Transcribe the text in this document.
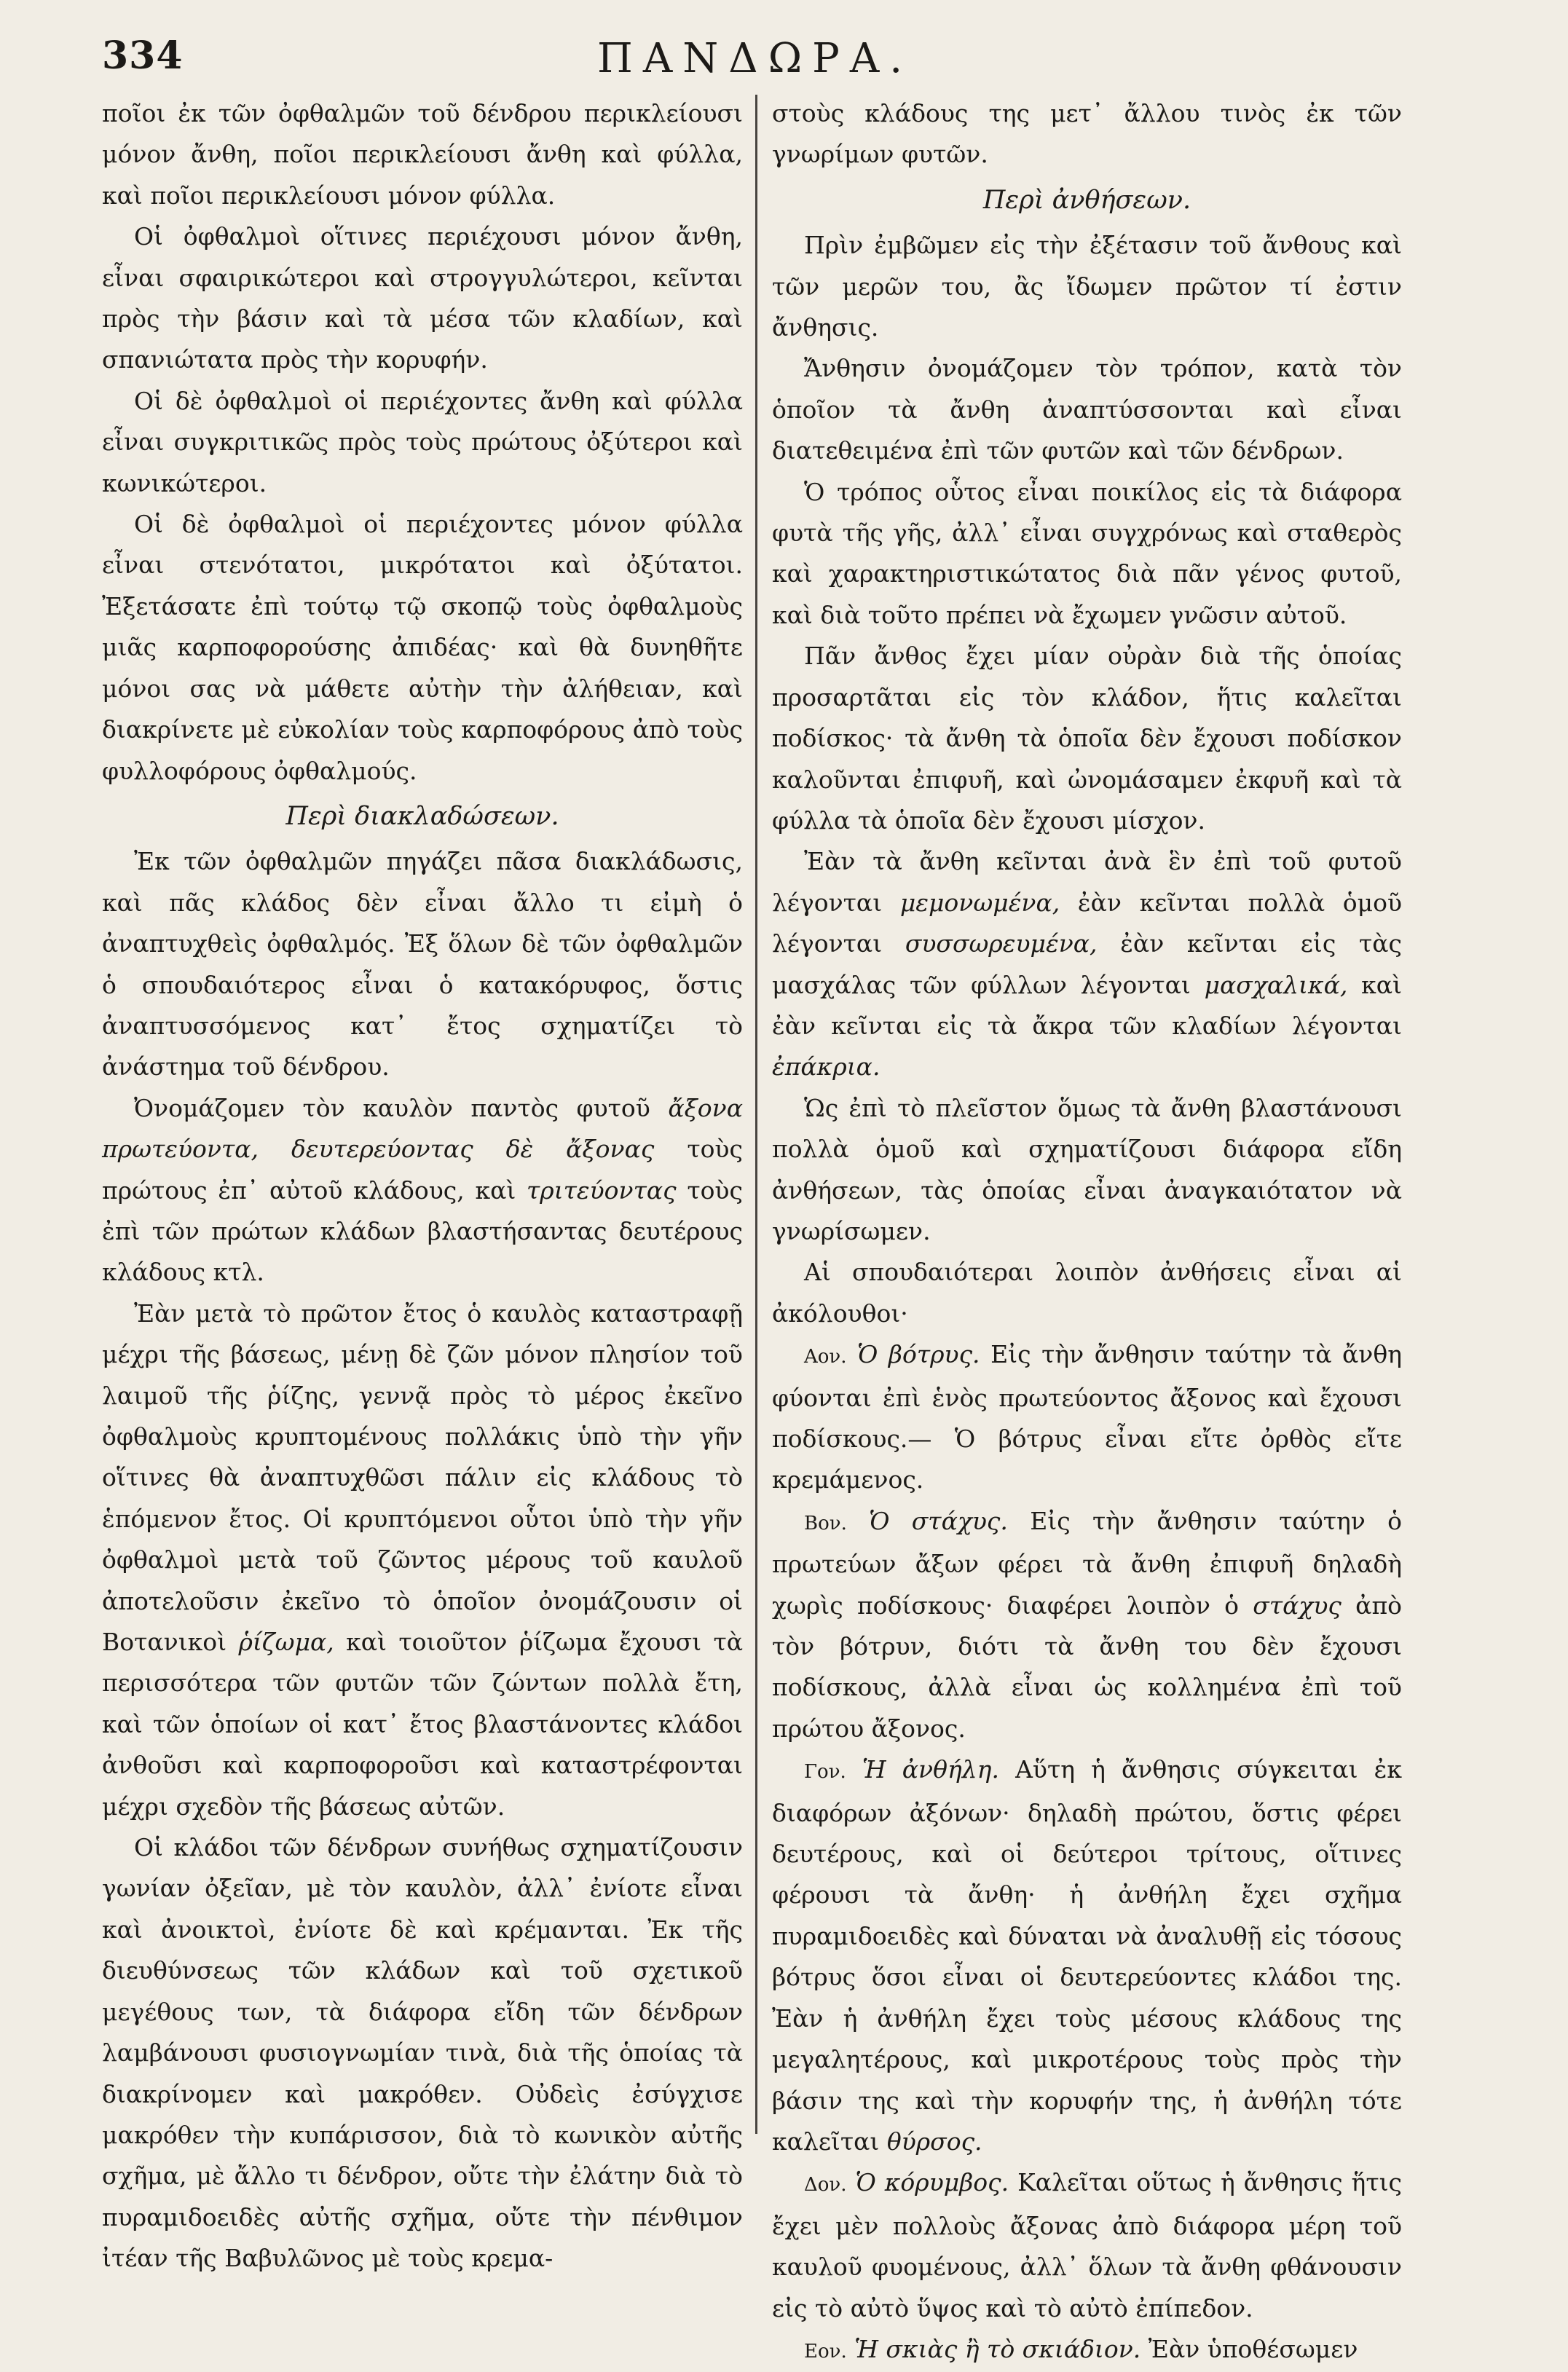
334	ΠΑΝΔΩΡΑ.

ποῖοι ἐκ τῶν ὀφθαλμῶν τοῦ δένδρου περικλείουσι μόνον ἄνθη, ποῖοι περικλείουσι ἄνθη καὶ φύλλα, καὶ ποῖοι περικλείουσι μόνον φύλλα.

Οἱ ὀφθαλμοὶ οἵτινες περιέχουσι μόνον ἄνθη, εἶναι σφαιρικώτεροι καὶ στρογγυλώτεροι, κεῖνται πρὸς τὴν βάσιν καὶ τὰ μέσα τῶν κλαδίων, καὶ σπανιώτατα πρὸς τὴν κορυφήν.

Οἱ δὲ ὀφθαλμοὶ οἱ περιέχοντες ἄνθη καὶ φύλλα εἶναι συγκριτικῶς πρὸς τοὺς πρώτους ὀξύτεροι καὶ κωνικώτεροι.

Οἱ δὲ ὀφθαλμοὶ οἱ περιέχοντες μόνον φύλλα εἶναι στενότατοι, μικρότατοι καὶ ὀξύτατοι. Ἐξετάσατε ἐπὶ τούτῳ τῷ σκοπῷ τοὺς ὀφθαλμοὺς μιᾶς καρποφορούσης ἀπιδέας· καὶ θὰ δυνηθῆτε μόνοι σας νὰ μάθετε αὐτὴν τὴν ἀλήθειαν, καὶ διακρίνετε μὲ εὐκολίαν τοὺς καρποφόρους ἀπὸ τοὺς φυλλοφόρους ὀφθαλμούς.

Περὶ διακλαδώσεων.

Ἐκ τῶν ὀφθαλμῶν πηγάζει πᾶσα διακλάδωσις, καὶ πᾶς κλάδος δὲν εἶναι ἄλλο τι εἰμὴ ὁ ἀναπτυχθεὶς ὀφθαλμός. Ἐξ ὅλων δὲ τῶν ὀφθαλμῶν ὁ σπουδαιότερος εἶναι ὁ κατακόρυφος, ὅστις ἀναπτυσσόμενος κατ᾽ ἔτος σχηματίζει τὸ ἀνάστημα τοῦ δένδρου.

Ὀνομάζομεν τὸν καυλὸν παντὸς φυτοῦ ἄξονα πρωτεύοντα, δευτερεύοντας δὲ ἄξονας τοὺς πρώτους ἐπ᾽ αὐτοῦ κλάδους, καὶ τριτεύοντας τοὺς ἐπὶ τῶν πρώτων κλάδων βλαστήσαντας δευτέρους κλάδους κτλ.

Ἐὰν μετὰ τὸ πρῶτον ἔτος ὁ καυλὸς καταστραφῇ μέχρι τῆς βάσεως, μένῃ δὲ ζῶν μόνον πλησίον τοῦ λαιμοῦ τῆς ῥίζης, γεννᾷ πρὸς τὸ μέρος ἐκεῖνο ὀφθαλμοὺς κρυπτομένους πολλάκις ὑπὸ τὴν γῆν οἵτινες θὰ ἀναπτυχθῶσι πάλιν εἰς κλάδους τὸ ἑπόμενον ἔτος. Οἱ κρυπτόμενοι οὗτοι ὑπὸ τὴν γῆν ὀφθαλμοὶ μετὰ τοῦ ζῶντος μέρους τοῦ καυλοῦ ἀποτελοῦσιν ἐκεῖνο τὸ ὁποῖον ὀνομάζουσιν οἱ Βοτανικοὶ ῥίζωμα, καὶ τοιοῦτον ῥίζωμα ἔχουσι τὰ περισσότερα τῶν φυτῶν τῶν ζώντων πολλὰ ἔτη, καὶ τῶν ὁποίων οἱ κατ᾽ ἔτος βλαστάνοντες κλάδοι ἀνθοῦσι καὶ καρποφοροῦσι καὶ καταστρέφονται μέχρι σχεδὸν τῆς βάσεως αὐτῶν.

Οἱ κλάδοι τῶν δένδρων συνήθως σχηματίζουσιν γωνίαν ὀξεῖαν, μὲ τὸν καυλὸν, ἀλλ᾽ ἐνίοτε εἶναι καὶ ἀνοικτοὶ, ἐνίοτε δὲ καὶ κρέμανται. Ἐκ τῆς διευθύνσεως τῶν κλάδων καὶ τοῦ σχετικοῦ μεγέθους των, τὰ διάφορα εἴδη τῶν δένδρων λαμβάνουσι φυσιογνωμίαν τινὰ, διὰ τῆς ὁποίας τὰ διακρίνομεν καὶ μακρόθεν. Οὐδεὶς ἐσύγχισε μακρόθεν τὴν κυπάρισσον, διὰ τὸ κωνικὸν αὐτῆς σχῆμα, μὲ ἄλλο τι δένδρον, οὔτε τὴν ἐλάτην διὰ τὸ πυραμιδοειδὲς αὐτῆς σχῆμα, οὔτε τὴν πένθιμον ἰτέαν τῆς Βαβυλῶνος μὲ τοὺς κρεμα-

στοὺς κλάδους της μετ᾽ ἄλλου τινὸς ἐκ τῶν γνωρίμων φυτῶν.

Περὶ ἀνθήσεων.

Πρὶν ἐμβῶμεν εἰς τὴν ἐξέτασιν τοῦ ἄνθους καὶ τῶν μερῶν του, ἂς ἴδωμεν πρῶτον τί ἐστιν ἄνθησις.

Ἄνθησιν ὀνομάζομεν τὸν τρόπον, κατὰ τὸν ὁποῖον τὰ ἄνθη ἀναπτύσσονται καὶ εἶναι διατεθειμένα ἐπὶ τῶν φυτῶν καὶ τῶν δένδρων.

Ὁ τρόπος οὗτος εἶναι ποικίλος εἰς τὰ διάφορα φυτὰ τῆς γῆς, ἀλλ᾽ εἶναι συγχρόνως καὶ σταθερὸς καὶ χαρακτηριστικώτατος διὰ πᾶν γένος φυτοῦ, καὶ διὰ τοῦτο πρέπει νὰ ἔχωμεν γνῶσιν αὐτοῦ.

Πᾶν ἄνθος ἔχει μίαν οὐρὰν διὰ τῆς ὁποίας προσαρτᾶται εἰς τὸν κλάδον, ἥτις καλεῖται ποδίσκος· τὰ ἄνθη τὰ ὁποῖα δὲν ἔχουσι ποδίσκον καλοῦνται ἐπιφυῆ, καὶ ὠνομάσαμεν ἐκφυῆ καὶ τὰ φύλλα τὰ ὁποῖα δὲν ἔχουσι μίσχον.

Ἐὰν τὰ ἄνθη κεῖνται ἀνὰ ἓν ἐπὶ τοῦ φυτοῦ λέγονται μεμονωμένα, ἐὰν κεῖνται πολλὰ ὁμοῦ λέγονται συσσωρευμένα, ἐὰν κεῖνται εἰς τὰς μασχάλας τῶν φύλλων λέγονται μασχαλικά, καὶ ἐὰν κεῖνται εἰς τὰ ἄκρα τῶν κλαδίων λέγονται ἐπάκρια.

Ὡς ἐπὶ τὸ πλεῖστον ὅμως τὰ ἄνθη βλαστάνουσι πολλὰ ὁμοῦ καὶ σχηματίζουσι διάφορα εἴδη ἀνθήσεων, τὰς ὁποίας εἶναι ἀναγκαιότατον νὰ γνωρίσωμεν.

Αἱ σπουδαιότεραι λοιπὸν ἀνθήσεις εἶναι αἱ ἀκόλουθοι·

Αον. Ὁ βότρυς. Εἰς τὴν ἄνθησιν ταύτην τὰ ἄνθη φύονται ἐπὶ ἑνὸς πρωτεύοντος ἄξονος καὶ ἔχουσι ποδίσκους.— Ὁ βότρυς εἶναι εἴτε ὀρθὸς εἴτε κρεμάμενος.

Βον. Ὁ στάχυς. Εἰς τὴν ἄνθησιν ταύτην ὁ πρωτεύων ἄξων φέρει τὰ ἄνθη ἐπιφυῆ δηλαδὴ χωρὶς ποδίσκους· διαφέρει λοιπὸν ὁ στάχυς ἀπὸ τὸν βότρυν, διότι τὰ ἄνθη του δὲν ἔχουσι ποδίσκους, ἀλλὰ εἶναι ὡς κολλημένα ἐπὶ τοῦ πρώτου ἄξονος.

Γον. Ἡ ἀνθήλη. Αὕτη ἡ ἄνθησις σύγκειται ἐκ διαφόρων ἀξόνων· δηλαδὴ πρώτου, ὅστις φέρει δευτέρους, καὶ οἱ δεύτεροι τρίτους, οἵτινες φέρουσι τὰ ἄνθη· ἡ ἀνθήλη ἔχει σχῆμα πυραμιδοειδὲς καὶ δύναται νὰ ἀναλυθῇ εἰς τόσους βότρυς ὅσοι εἶναι οἱ δευτερεύοντες κλάδοι της. Ἐὰν ἡ ἀνθήλη ἔχει τοὺς μέσους κλάδους της μεγαλητέρους, καὶ μικροτέρους τοὺς πρὸς τὴν βάσιν της καὶ τὴν κορυφήν της, ἡ ἀνθήλη τότε καλεῖται θύρσος.

Δον. Ὁ κόρυμβος. Καλεῖται οὕτως ἡ ἄνθησις ἥτις ἔχει μὲν πολλοὺς ἄξονας ἀπὸ διάφορα μέρη τοῦ καυλοῦ φυομένους, ἀλλ᾽ ὅλων τὰ ἄνθη φθάνουσιν εἰς τὸ αὐτὸ ὕψος καὶ τὸ αὐτὸ ἐπίπεδον.

Εον. Ἡ σκιὰς ἢ τὸ σκιάδιον. Ἐὰν ὑποθέσωμεν
